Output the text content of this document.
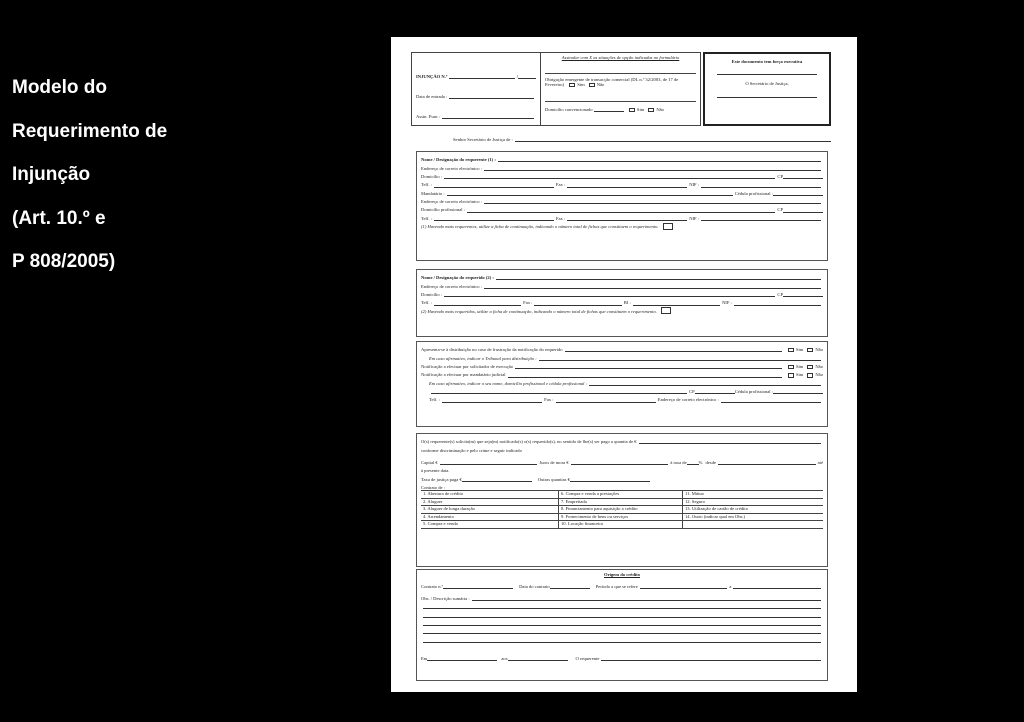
Modelo do
Requerimento de
Injunção
(Art. 10.º e
P 808/2005)
INJUNÇÃO N.º	/
Data de entrada :
Assin. Func :
Assinalar com X as situações de opção indicadas no formulário
Obrigação emergente de transacção comercial (DL n.º 32/2003, de 17 de Fevereiro)	Sim	Não
Domicílio convencionado	Sim	Não
Este documento tem força executiva
O Secretário de Justiça,
Senhor Secretário de Justiça de :
Nome / Designação do requerente (1) :
Endereço de correio electrónico :
Domicílio :	CP
Telf. :	Fax :	NIF :
Mandatário :	Cédula profissional :
Endereço de correio electrónico :
Domicílio profissional :	CP
Telf. :	Fax :	NIF :
(1) Havendo mais requerentes, utilize a ficha de continuação, indicando o número total de fichas que constituem o requerimento.
Nome / Designação do requerido (2) :
Endereço de correio electrónico :
Domicílio :	CP
Telf. :	Fax :	BI :	NIF :
(2) Havendo mais requeridos, utilize a ficha de continuação, indicando o número total de fichas que constituem o requerimento.
Apresenta-se à distribuição no caso de frustração da notificação do requerido	Sim	Não
Em caso afirmativo, indicar o Tribunal para distribuição :
Notificação a efectuar por solicitador de execução	Sim	Não
Notificação a efectuar por mandatário judicial	Sim	Não
Em caso afirmativo, indicar o seu nome, domicílio profissional e cédula profissional :
CP	Cédula profissional :
Telf. :	Fax :	Endereço de correio electrónico :
O(s) requerente(s) solicita(m) que seja(m) notificado(s) o(s) requerido(s), no sentido de lhe(s) ser pago a quantia de €
conforme discriminação e pelo crime e seguir indicado
Capital €	Juros de mora €	à taxa de	% desde	até
à presente data.
Taxa de justiça paga €	Outras quantias €
Contrato de :
1. Abertura de crédito	6. Compra e venda a prestações	11. Mútuo
2. Aluguer	7. Empreitada	12. Seguro
3. Aluguer de longa duração	8. Financiamento para aquisição a crédito	13. Utilização de cartão de crédito
4. Arrendamento	9. Fornecimento de bens ou serviços	14. Outro (indicar qual em Obs.)
5. Compra e venda	10. Locação financeira
Origem do crédito
Contrato n.º	Data do contrato	Período a que se refere	a
Obs. / Descrição sumária :
Em	aos	O requerente
